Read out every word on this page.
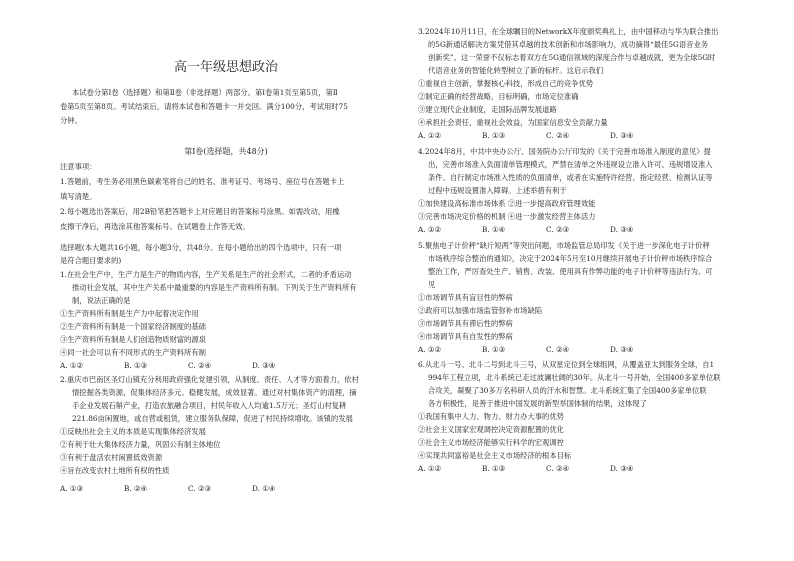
高一年级思想政治
本试卷分第Ⅰ卷（选择题）和第Ⅱ卷（非选择题）两部分。第Ⅰ卷第1页至第5页，第Ⅱ
卷第5页至第8页。考试结束后，请将本试卷和答题卡一并交回。满分100分，考试用时75
分钟。
第Ⅰ卷(选择题，共48分)
注意事项：
1.答题前，考生务必用黑色碳素笔将自己的姓名、准考证号、考场号、座位号在答题卡上
填写清楚。
2.每小题选出答案后，用2B铅笔把答题卡上对应题目的答案标号涂黑。如需改动，用橡
皮擦干净后，再选涂其他答案标号。在试题卷上作答无效。
选择题(本大题共16小题，每小题3分，共48分。在每小题给出的四个选项中，只有一项
是符合题目要求的)
1.在社会生产中，生产力是生产的物质内容，生产关系是生产的社会形式，二者的矛盾运动
推动社会发展，其中生产关系中最重要的内容是生产资料所有制。下列关于生产资料所有
制，说法正确的是
①生产资料所有制是生产力中起着决定作用
②生产资料所有制是一个国家经济制度的基础
③生产资料所有制是人们创造物质财富的源泉
④同一社会可以有不同形式的生产资料所有制
A. ①②	B. ①③	C. ②④	D. ③④
2.重庆市巴南区圣灯山镇充分利用政府强化党建引领，从制度、责任、人才等方面着力，依村
情挖掘各类资源，促集体经济多元、稳健发展，成效显著。通过对村集体资产的清理，摘
手企业发展石斛产业，打造农旅融合项目，村民年收入人均逾1.5万元；圣灯山村复耕
221.86亩闲置地，或自营或租赁，建立服务队保障，促进了村民持续增收。该镇的发展
①反映出社会主义的本质是实现集体经济发展
②有利于壮大集体经济力量，巩固公有制主体地位
③有利于盘活农村闲置低效资源
④旨在改变农村土地所有权的性质
A. ①③	B. ②④	C. ②③	D. ①④
3.2024年10月11日，在全球瞩目的NetworkX年度颁奖典礼上，由中国移动与华为联合推出
的5G新通话解决方案凭借其卓越的技术创新和市场影响力，成功摘得“最佳5G语音业务
创新奖”。这一荣誉不仅标志着双方在5G通信领域的深度合作与卓越成就，更为全球5G时
代语音业务的智能化转型树立了新的标杆。这启示我们
①重视自主创新，掌握核心科技，形成自己的竞争优势
②制定正确的经营战略，目标明确，市场定位准确
③建立现代企业制度，走国际品牌发展道路
④承担社会责任，重视社会效益，为国家信息安全贡献力量
A. ①②	B. ①③	C. ②④	D. ③④
4.2024年8月，中共中央办公厅、国务院办公厅印发的《关于完善市场准入制度的意见》提
出，完善市场准入负面清单管理模式，严禁在清单之外违规设立准入许可、违规增设准入
条件、自行制定市场准入性质的负面清单，或者在实施特许经营、指定经营、检测认证等
过程中违规设置准入障碍。上述举措有利于
①加快建设高标准市场体系 ②进一步提高政府管理效能
③完善市场决定价格的机制 ④进一步激发经营主体活力
A. ①②	B. ①④	C. ②③	D. ③④
5.聚焦电子计价秤“缺斤短两”等突出问题，市场监管总局印发《关于进一步深化电子计价秤
市场秩序综合整治的通知》，决定于2024年5月至10月继续开展电子计价秤市场秩序综合
整治工作，严厉查处生产、销售、改装、使用具有作弊功能的电子计价秤等违法行为。可
见
①市场调节具有盲目性的弊病
②政府可以加强市场监管弥补市场缺陷
③市场调节具有滞后性的弊病
④市场调节具有自发性的弊病
A. ①②	B. ①③	C. ②④	D. ③④
6.从北斗一号、北斗二号到北斗三号，从双星定位到全球组网，从覆盖亚太到服务全球，自1
994年工程立项，北斗系统已走过波澜壮阔的30年。从北斗一号开始，全国400多家单位联
合攻关，凝聚了30多万名科研人员的汗水和智慧。北斗系统汇集了全国400多家单位联
各方积极性，是善于推进中国发展的新型举国体制的结果，这体现了
①我国有集中人力、物力、财力办大事的优势
②社会主义国家宏观调控决定资源配置的优化
③社会主义市场经济能够实行科学的宏观调控
④实现共同富裕是社会主义市场经济的根本目标
A. ①②	B. ①③	C. ②④	D. ③④
